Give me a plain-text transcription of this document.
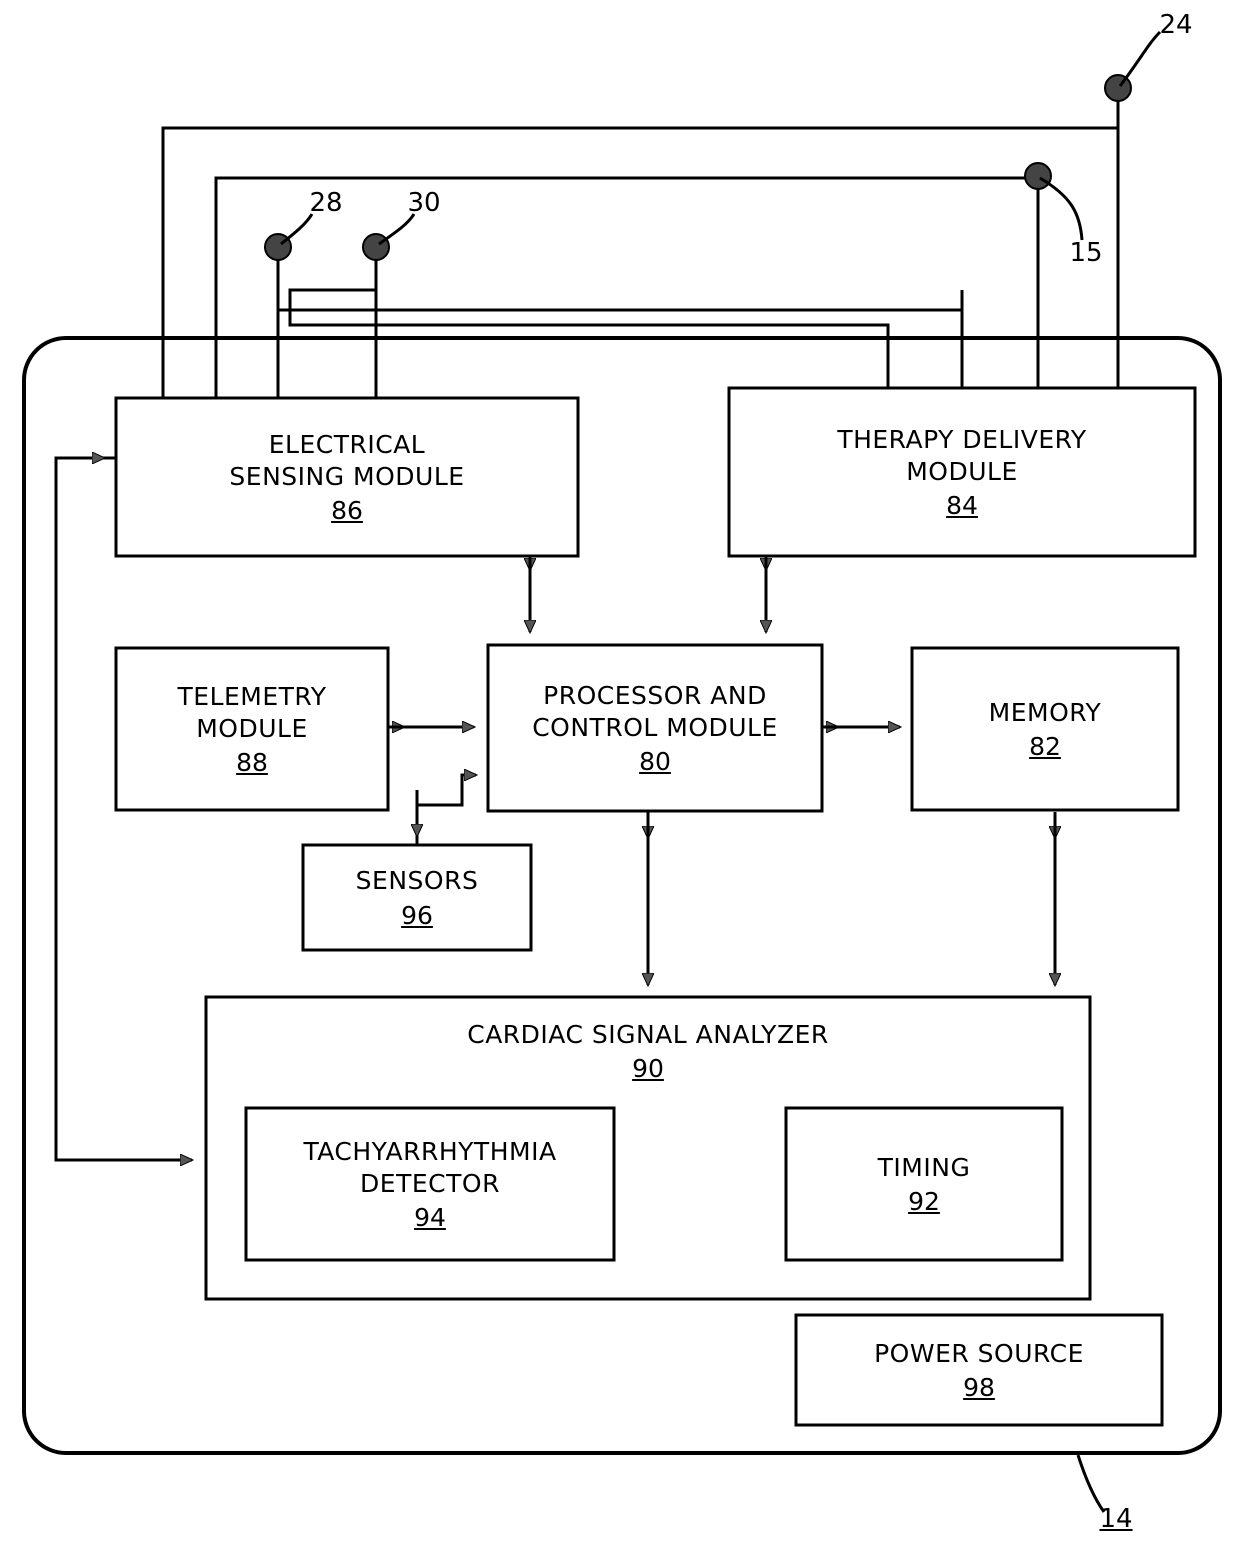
ELECTRICAL
SENSING MODULE
86
THERAPY DELIVERY
MODULE
84
TELEMETRY
MODULE
88
PROCESSOR AND
CONTROL MODULE
80
MEMORY
82
SENSORS
96
CARDIAC SIGNAL ANALYZER
90
TACHYARRHYTHMIA
DETECTOR
94
TIMING
92
POWER SOURCE
98
24
15
28	30
14
